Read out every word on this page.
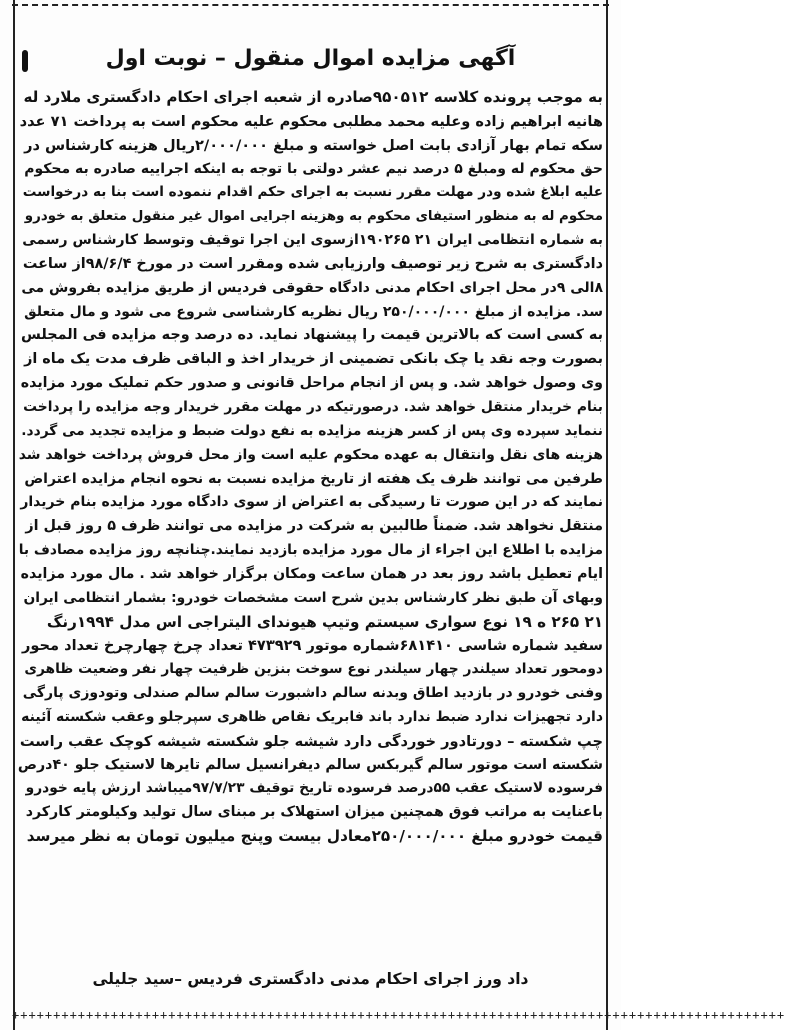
آگهی مزایده اموال منقول – نوبت اول
به موجب پرونده کلاسه ۹۵۰۵۱۲صادره از شعبه اجرای احکام دادگستری ملارد له
هانیه ابراهیم زاده وعلیه محمد مطلبی محکوم علیه محکوم است به پرداخت ۷۱ عدد
سکه تمام بهار آزادی بابت اصل خواسته و مبلغ ۲/۰۰۰/۰۰۰ریال هزینه کارشناس در
حق محکوم له ومبلغ ۵ درصد نیم عشر دولتی با توجه به اینکه اجراییه صادره به محکوم
علیه ابلاغ شده ودر مهلت مقرر نسبت به اجرای حکم اقدام ننموده است بنا به درخواست
محکوم له به منظور استیفای محکوم به وهزینه اجرایی اموال غیر منقول متعلق به خودرو
به شماره انتظامی ایران ۲۱ ۱۹۰۲۶۵ازسوی این اجرا توقیف وتوسط کارشناس رسمی
دادگستری به شرح زیر توصیف وارزیابی شده ومقرر است در مورخ ۹۸/۶/۴از ساعت
۸الی ۹در محل اجرای احکام مدنی دادگاه حقوقی فردیس از طریق مزایده بفروش می
سد. مزایده از مبلغ ۲۵۰/۰۰۰/۰۰۰ ریال نظریه کارشناسی شروع می شود و مال متعلق
به کسی است که بالاترین قیمت را پیشنهاد نماید. ده درصد وجه مزایده فی المجلس
بصورت وجه نقد یا چک بانکی تضمینی از خریدار اخذ و الباقی ظرف مدت یک ماه از
وی وصول خواهد شد. و پس از انجام مراحل قانونی و صدور حکم تملیک مورد مزایده
بنام خریدار منتقل خواهد شد. درصورتیکه در مهلت مقرر خریدار وجه مزایده را پرداخت
ننماید سپرده وی پس از کسر هزینه مزایده به نفع دولت ضبط و مزایده تجدید می گردد.
هزینه های نقل وانتقال به عهده محکوم علیه است واز محل فروش پرداخت خواهد شد
طرفین می توانند ظرف یک هفته از تاریخ مزایده نسبت به نحوه انجام مزایده اعتراض
نمایند که در این صورت تا رسیدگی به اعتراض از سوی دادگاه مورد مزایده بنام خریدار
منتقل نخواهد شد. ضمناً طالبین به شرکت در مزایده می توانند ظرف ۵ روز قبل از
مزایده با اطلاع این اجراء از مال مورد مزایده بازدید نمایند.چنانچه روز مزایده مصادف با
ایام تعطیل باشد روز بعد در همان ساعت ومکان برگزار خواهد شد . مال مورد مزایده
وبهای آن طبق نظر کارشناس بدین شرح است مشخصات خودرو: بشمار انتظامی ایران
۲۱ ۲۶۵ ه ۱۹ نوع سواری سیستم وتیپ هیوندای الیتراجی اس مدل ۱۹۹۴رنگ
سفید شماره شاسی ۶۸۱۴۱۰شماره موتور ۴۷۳۹۲۹ تعداد چرخ چهارچرخ تعداد محور
دومحور تعداد سیلندر چهار سیلندر نوع سوخت بنزین ظرفیت چهار نفر وضعیت ظاهری
وفنی خودرو در بازدید اطاق وبدنه سالم داشبورت سالم سالم صندلی وتودوزی پارگی
دارد تجهیزات ندارد ضبط ندارد باند فابریک نقاص ظاهری سپرجلو وعقب شکسته آئینه
چپ شکسته – دورتادور خوردگی دارد شیشه جلو شکسته شیشه کوچک عقب راست
شکسته است موتور سالم گیربکس سالم دیفرانسیل سالم تایرها لاستیک جلو ۴۰درص
فرسوده لاستیک عقب ۵۵درصد فرسوده تاریخ توقیف ۹۷/۷/۲۳میباشد ارزش پایه خودرو
باعنایت به مراتب فوق همچنین میزان استهلاک بر مبنای سال تولید وکیلومتر کارکرد
قیمت خودرو مبلغ ۲۵۰/۰۰۰/۰۰۰معادل بیست وپنج میلیون تومان به نظر میرسد
داد ورز اجرای احکام مدنی دادگستری فردیس –سید جلیلی
++++++++++++++++++++++++++++++++++++++++++++++++++++++++++++++++++++++++++++++++++++++++++++++
